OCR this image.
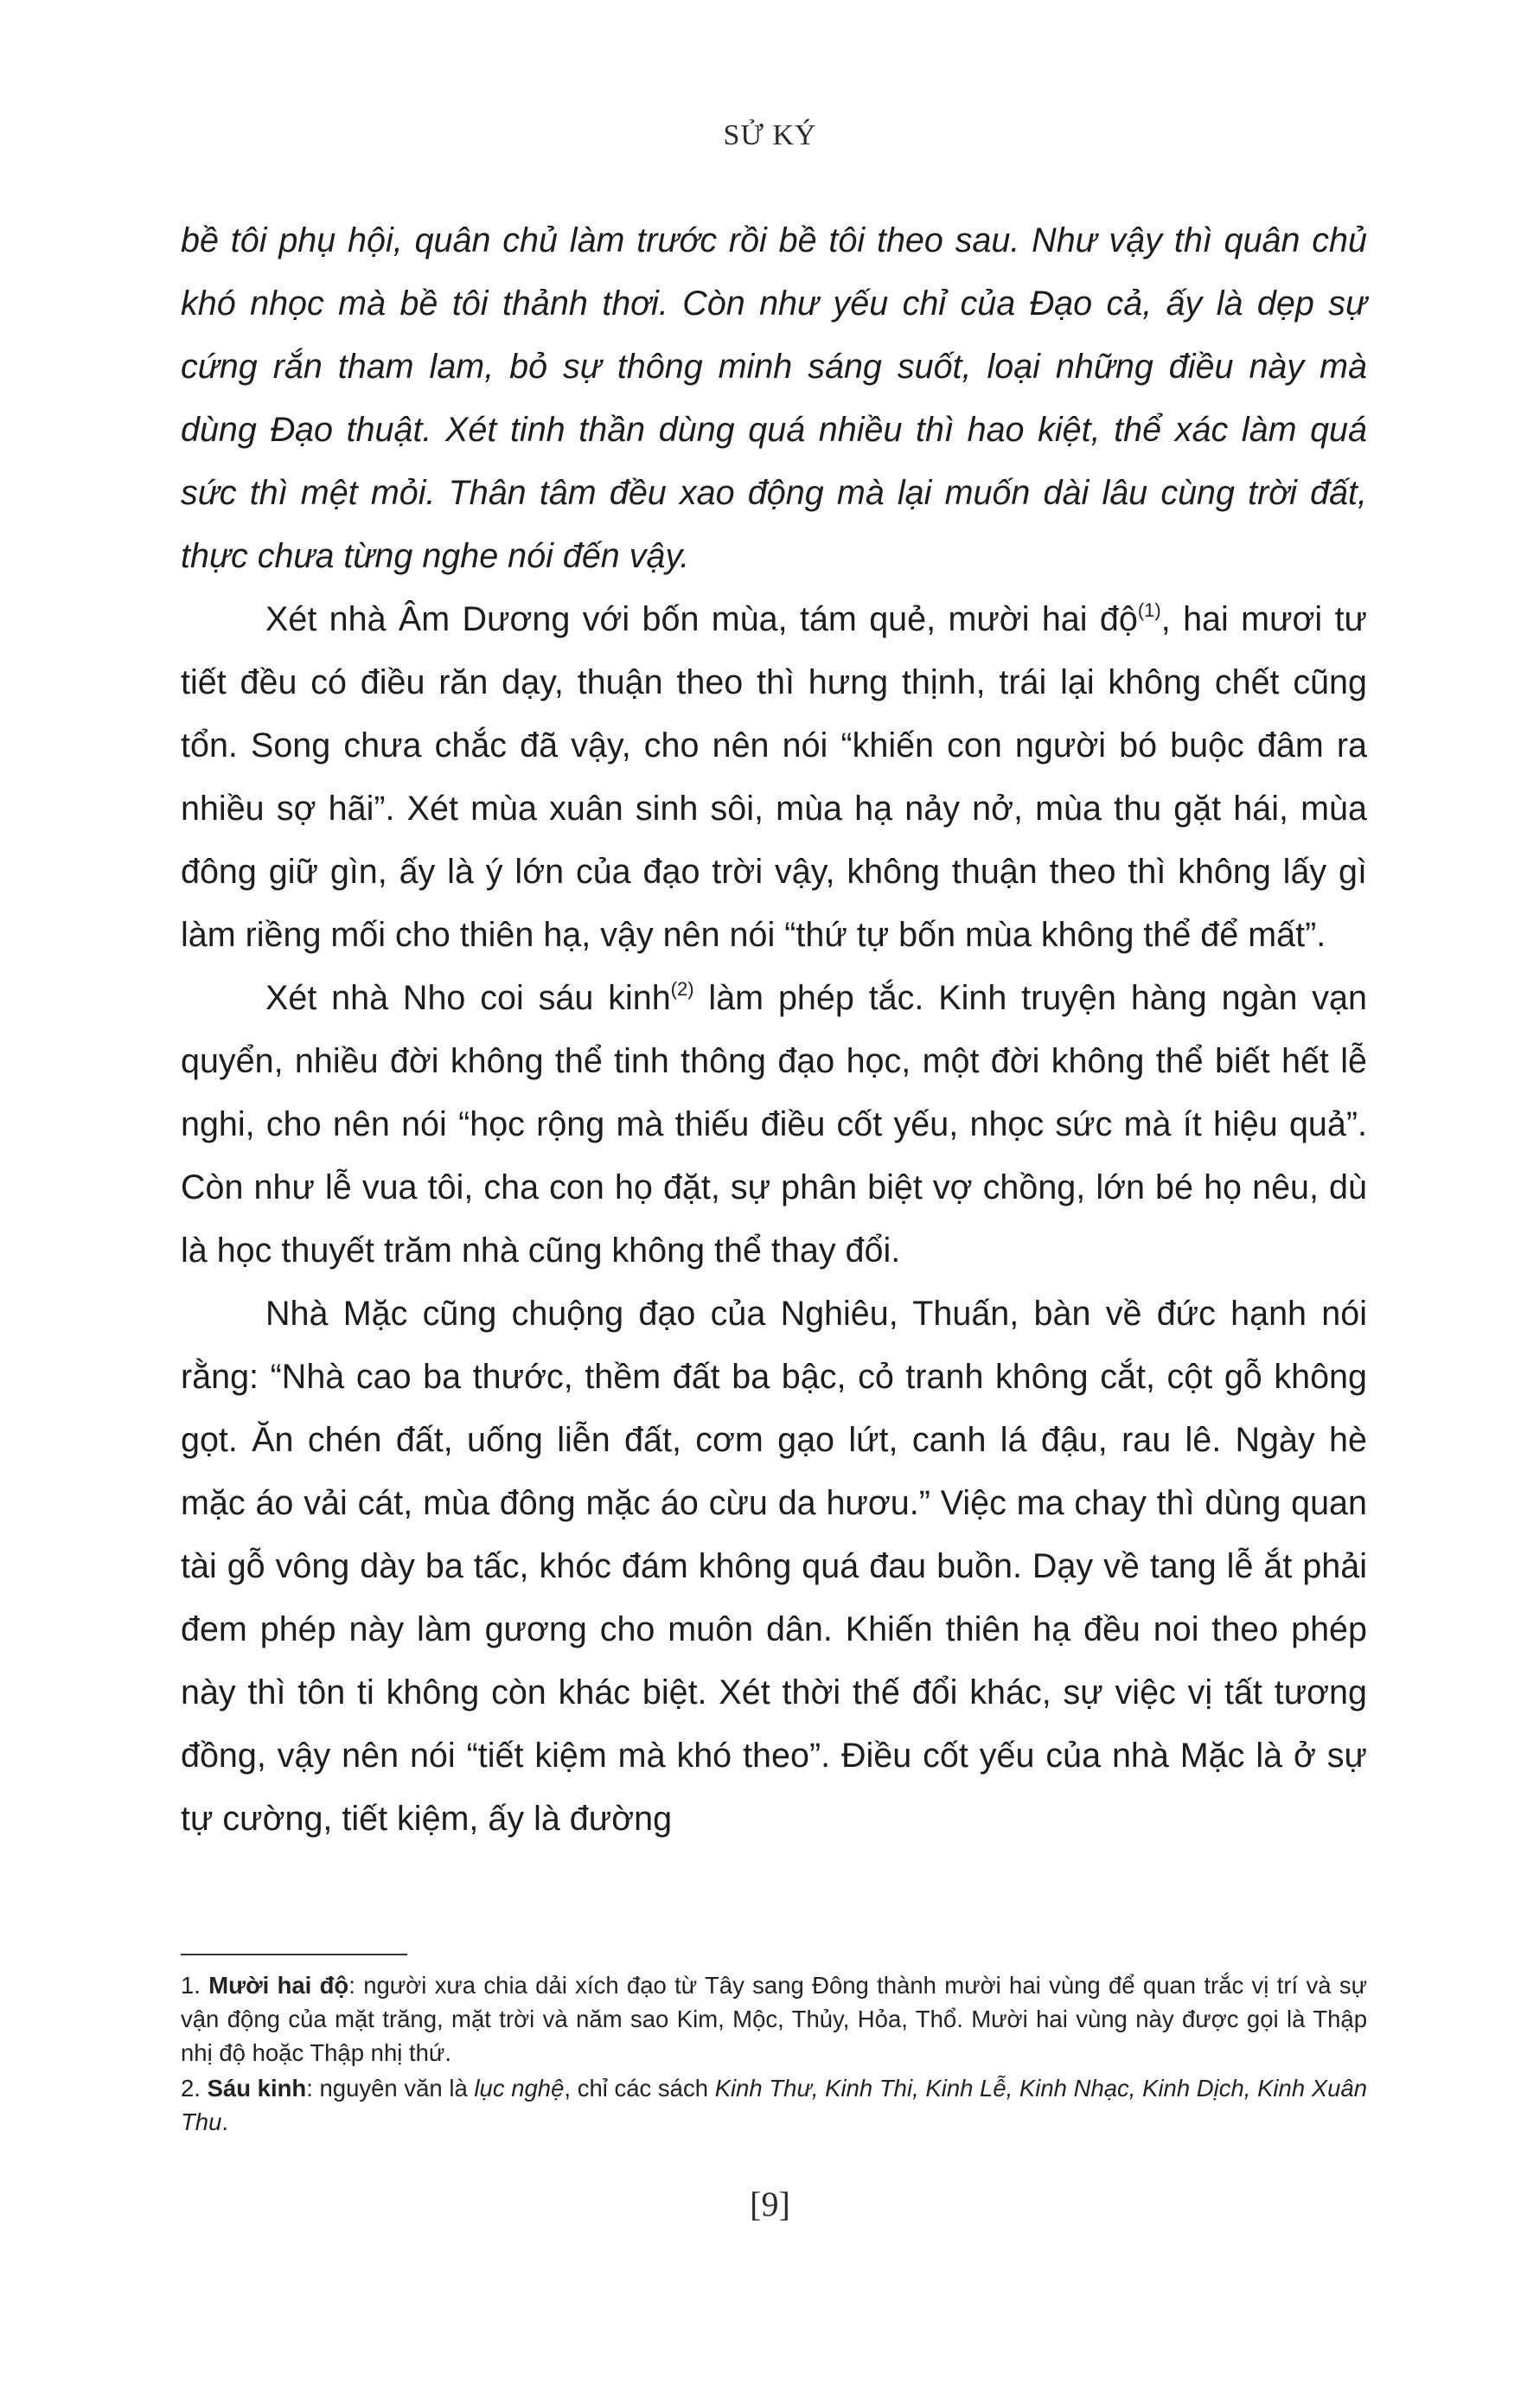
SỬ KÝ

bề tôi phụ hội, quân chủ làm trước rồi bề tôi theo sau. Như vậy thì quân chủ khó nhọc mà bề tôi thảnh thơi. Còn như yếu chỉ của Đạo cả, ấy là dẹp sự cứng rắn tham lam, bỏ sự thông minh sáng suốt, loại những điều này mà dùng Đạo thuật. Xét tinh thần dùng quá nhiều thì hao kiệt, thể xác làm quá sức thì mệt mỏi. Thân tâm đều xao động mà lại muốn dài lâu cùng trời đất, thực chưa từng nghe nói đến vậy.

Xét nhà Âm Dương với bốn mùa, tám quẻ, mười hai độ$^{(1)}$, hai mươi tư tiết đều có điều răn dạy, thuận theo thì hưng thịnh, trái lại không chết cũng tổn. Song chưa chắc đã vậy, cho nên nói “khiến con người bó buộc đâm ra nhiều sợ hãi”. Xét mùa xuân sinh sôi, mùa hạ nảy nở, mùa thu gặt hái, mùa đông giữ gìn, ấy là ý lớn của đạo trời vậy, không thuận theo thì không lấy gì làm riềng mối cho thiên hạ, vậy nên nói “thứ tự bốn mùa không thể để mất”.

Xét nhà Nho coi sáu kinh$^{(2)}$ làm phép tắc. Kinh truyện hàng ngàn vạn quyển, nhiều đời không thể tinh thông đạo học, một đời không thể biết hết lễ nghi, cho nên nói “học rộng mà thiếu điều cốt yếu, nhọc sức mà ít hiệu quả”. Còn như lễ vua tôi, cha con họ đặt, sự phân biệt vợ chồng, lớn bé họ nêu, dù là học thuyết trăm nhà cũng không thể thay đổi.

Nhà Mặc cũng chuộng đạo của Nghiêu, Thuấn, bàn về đức hạnh nói rằng: “Nhà cao ba thước, thềm đất ba bậc, cỏ tranh không cắt, cột gỗ không gọt. Ăn chén đất, uống liễn đất, cơm gạo lứt, canh lá đậu, rau lê. Ngày hè mặc áo vải cát, mùa đông mặc áo cừu da hươu.” Việc ma chay thì dùng quan tài gỗ vông dày ba tấc, khóc đám không quá đau buồn. Dạy về tang lễ ắt phải đem phép này làm gương cho muôn dân. Khiến thiên hạ đều noi theo phép này thì tôn ti không còn khác biệt. Xét thời thế đổi khác, sự việc vị tất tương đồng, vậy nên nói “tiết kiệm mà khó theo”. Điều cốt yếu của nhà Mặc là ở sự tự cường, tiết kiệm, ấy là đường

1. Mười hai độ: người xưa chia dải xích đạo từ Tây sang Đông thành mười hai vùng để quan trắc vị trí và sự vận động của mặt trăng, mặt trời và năm sao Kim, Mộc, Thủy, Hỏa, Thổ. Mười hai vùng này được gọi là Thập nhị độ hoặc Thập nhị thứ.

2. Sáu kinh: nguyên văn là lục nghệ, chỉ các sách Kinh Thư, Kinh Thi, Kinh Lễ, Kinh Nhạc, Kinh Dịch, Kinh Xuân Thu.

[9]
